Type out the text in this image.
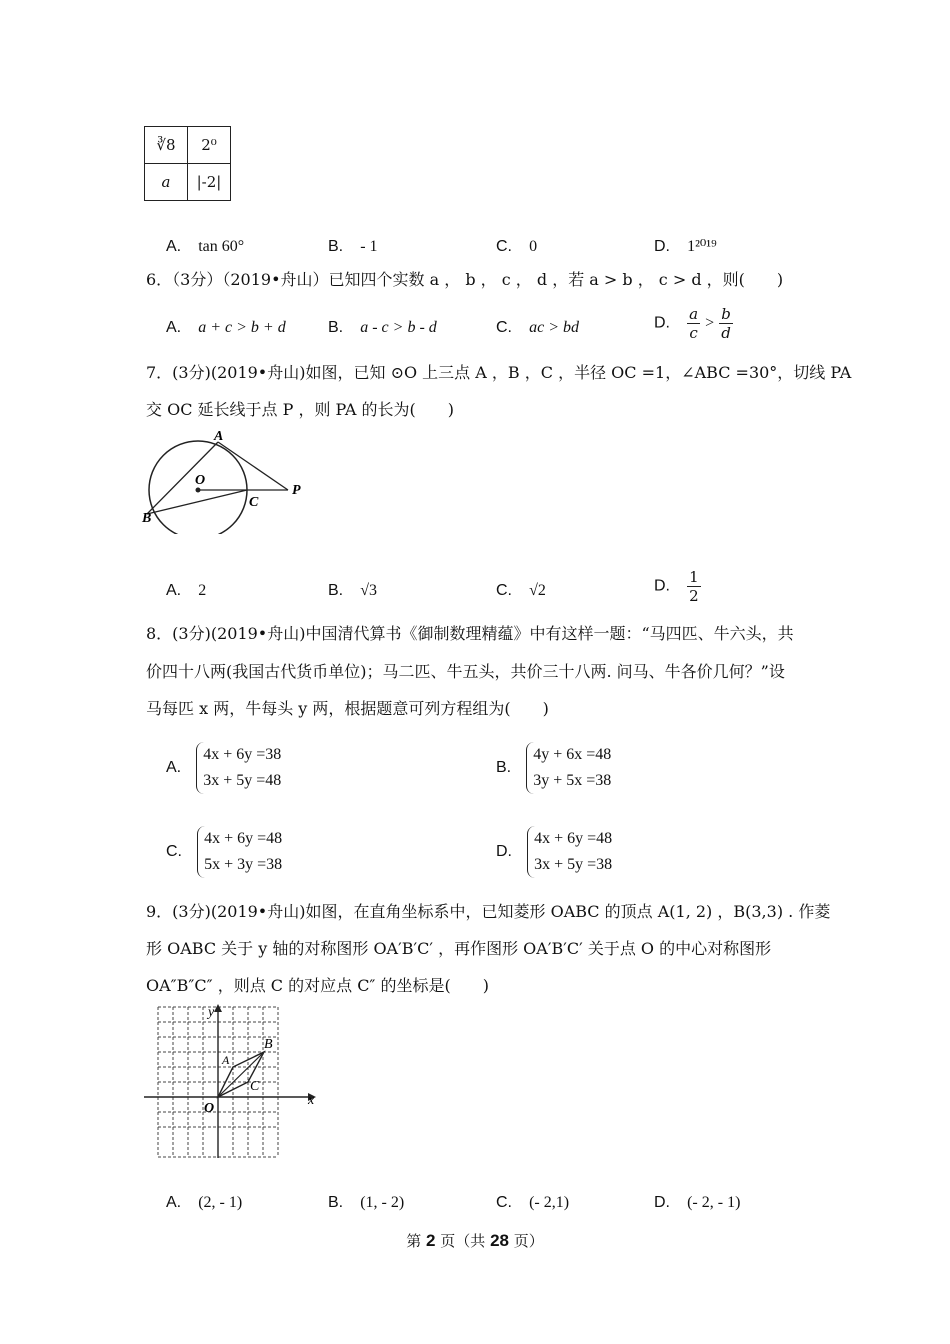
∛8	2⁰
a	|-2|
A. tan 60°	B. - 1	C. 0	D. 1²⁰¹⁹
6．（3分）（2019•舟山）已知四个实数 a ， b ， c ， d ，若 a > b ， c > d ，则(　　)
A. a + c > b + d	B. a - c > b - d	C. ac > bd	D. $\frac{a}{c} > \frac{b}{d}$
7．(3分)(2019•舟山)如图，已知 ⊙O 上三点 A ，B ，C ，半径 OC =1，∠ABC =30°，切线 PA
交 OC 延长线于点 P ，则 PA 的长为(　　)
A
O
C
P
B
A. 2	B. √3	C. √2	D. $\frac{1}{2}$
8．(3分)(2019•舟山)中国清代算书《御制数理精蕴》中有这样一题：“马四匹、牛六头，共
价四十八两(我国古代货币单位)；马二匹、牛五头，共价三十八两. 问马、牛各价几何？”设
马每匹 x 两，牛每头 y 两，根据题意可列方程组为(　　)
A.
4x + 6y =38
3x + 5y =48
B.
4y + 6x =48
3y + 5x =38
C.
4x + 6y =48
5x + 3y =38
D.
4x + 6y =48
3x + 5y =38
9．(3分)(2019•舟山)如图，在直角坐标系中，已知菱形 OABC 的顶点 A(1, 2) ，B(3,3) . 作菱
形 OABC 关于 y 轴的对称图形 OA′B′C′ ，再作图形 OA′B′C′ 关于点 O 的中心对称图形
OA″B″C″ ，则点 C 的对应点 C″ 的坐标是(　　)
y
x
O
A
B
C
A. (2, - 1)	B. (1, - 2)	C. (- 2,1)	D. (- 2, - 1)
第 2 页（共 28 页）
